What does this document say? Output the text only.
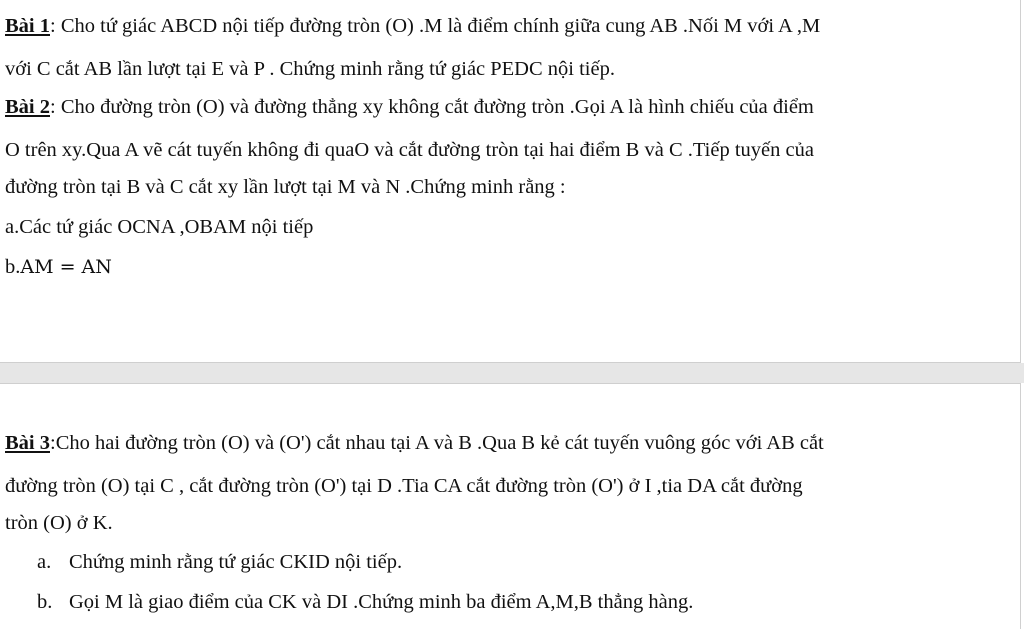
Bài 1: Cho tứ giác ABCD nội tiếp đường tròn (O) .M là điểm chính giữa cung AB .Nối M với A ,M
với C cắt AB lần lượt tại E và P . Chứng minh rằng tứ giác PEDC nội tiếp.
Bài 2: Cho đường tròn (O) và đường thẳng xy không cắt đường tròn .Gọi A là hình chiếu của điểm
O trên xy.Qua A vẽ cát tuyến không đi quaO và cắt đường tròn tại hai điểm B và C .Tiếp tuyến của
đường tròn tại B và C cắt xy lần lượt tại M và N .Chứng minh rằng :
a.Các tứ giác OCNA ,OBAM nội tiếp
b.AM = AN
Bài 3:Cho hai đường tròn (O) và (O') cắt nhau tại A và B .Qua B kẻ cát tuyến vuông góc với AB cắt
đường tròn (O) tại C , cắt đường tròn (O') tại D .Tia CA cắt đường tròn (O') ở I ,tia DA cắt đường
tròn (O) ở K.
a. Chứng minh rằng tứ giác CKID nội tiếp.
b. Gọi M là giao điểm của CK và DI .Chứng minh ba điểm A,M,B thẳng hàng.
